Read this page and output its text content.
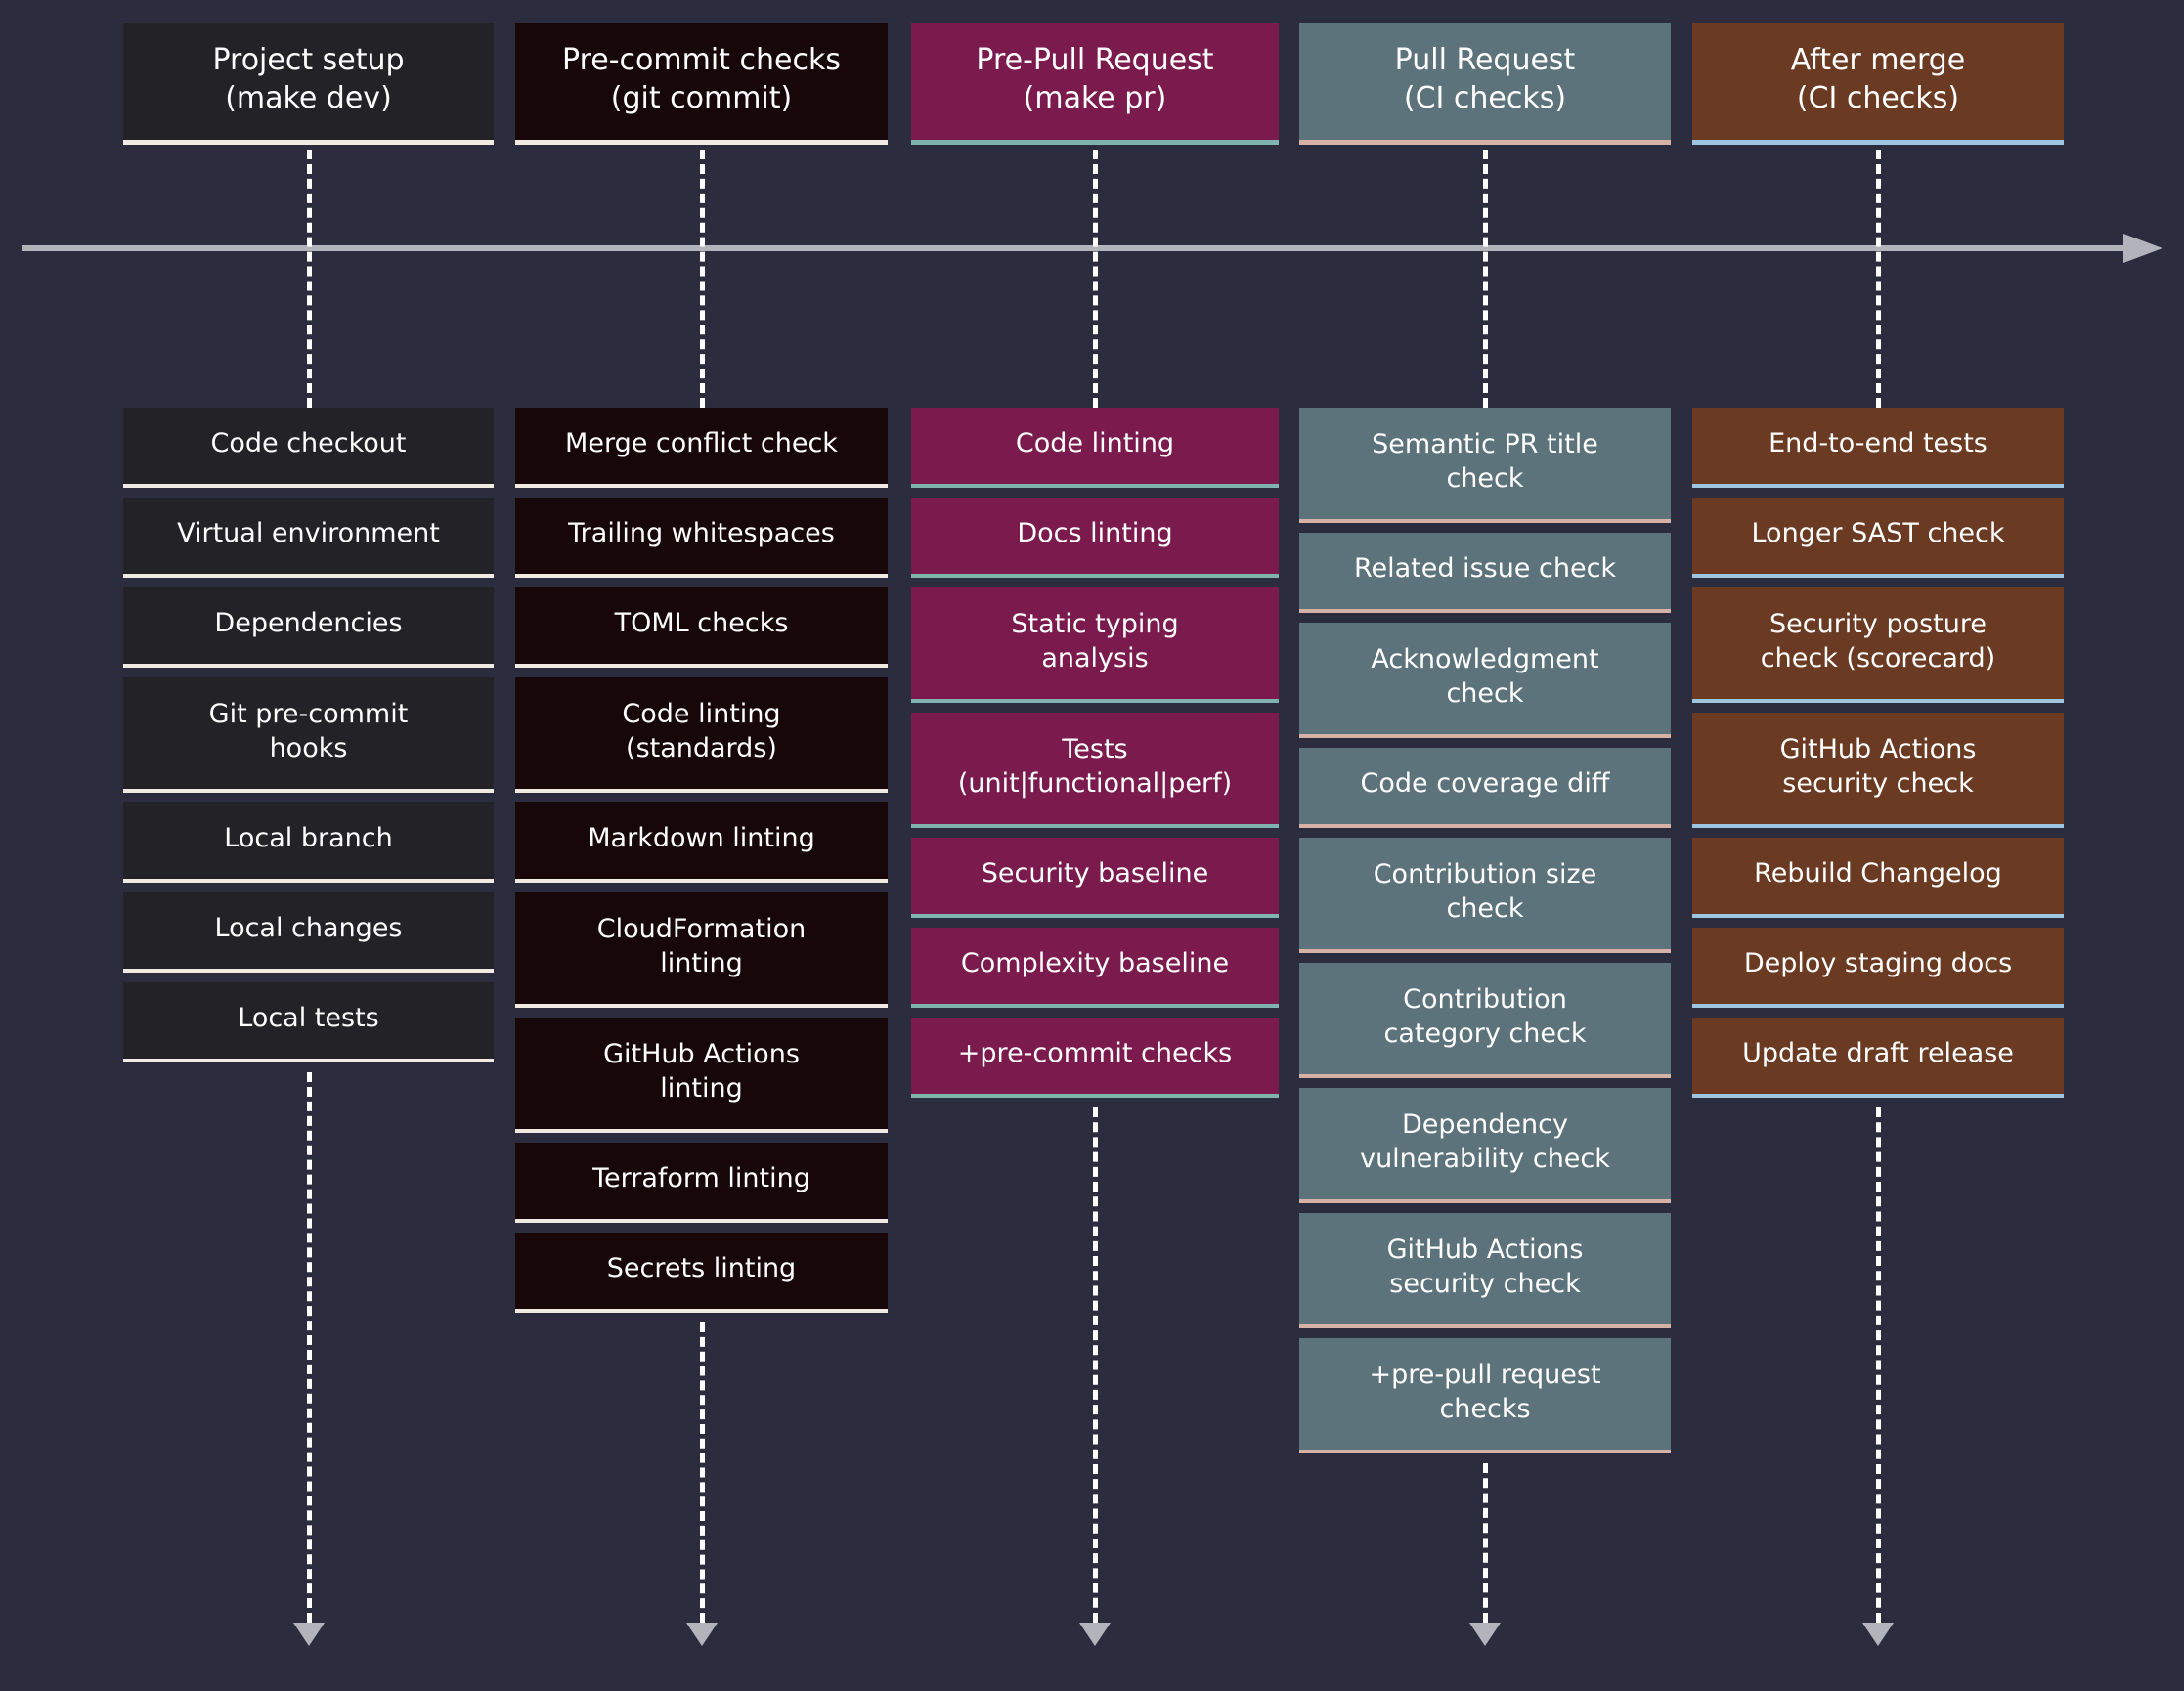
Project setup
(make dev)
Code checkout
Virtual environment
Dependencies
Git pre-commit
hooks
Local branch
Local changes
Local tests
Pre-commit checks
(git commit)
Merge conflict check
Trailing whitespaces
TOML checks
Code linting
(standards)
Markdown linting
CloudFormation
linting
GitHub Actions
linting
Terraform linting
Secrets linting
Pre-Pull Request
(make pr)
Code linting
Docs linting
Static typing
analysis
Tests
(unit|functional|perf)
Security baseline
Complexity baseline
+pre-commit checks
Pull Request
(CI checks)
Semantic PR title
check
Related issue check
Acknowledgment
check
Code coverage diff
Contribution size
check
Contribution
category check
Dependency
vulnerability check
GitHub Actions
security check
+pre-pull request
checks
After merge
(CI checks)
End-to-end tests
Longer SAST check
Security posture
check (scorecard)
GitHub Actions
security check
Rebuild Changelog
Deploy staging docs
Update draft release
